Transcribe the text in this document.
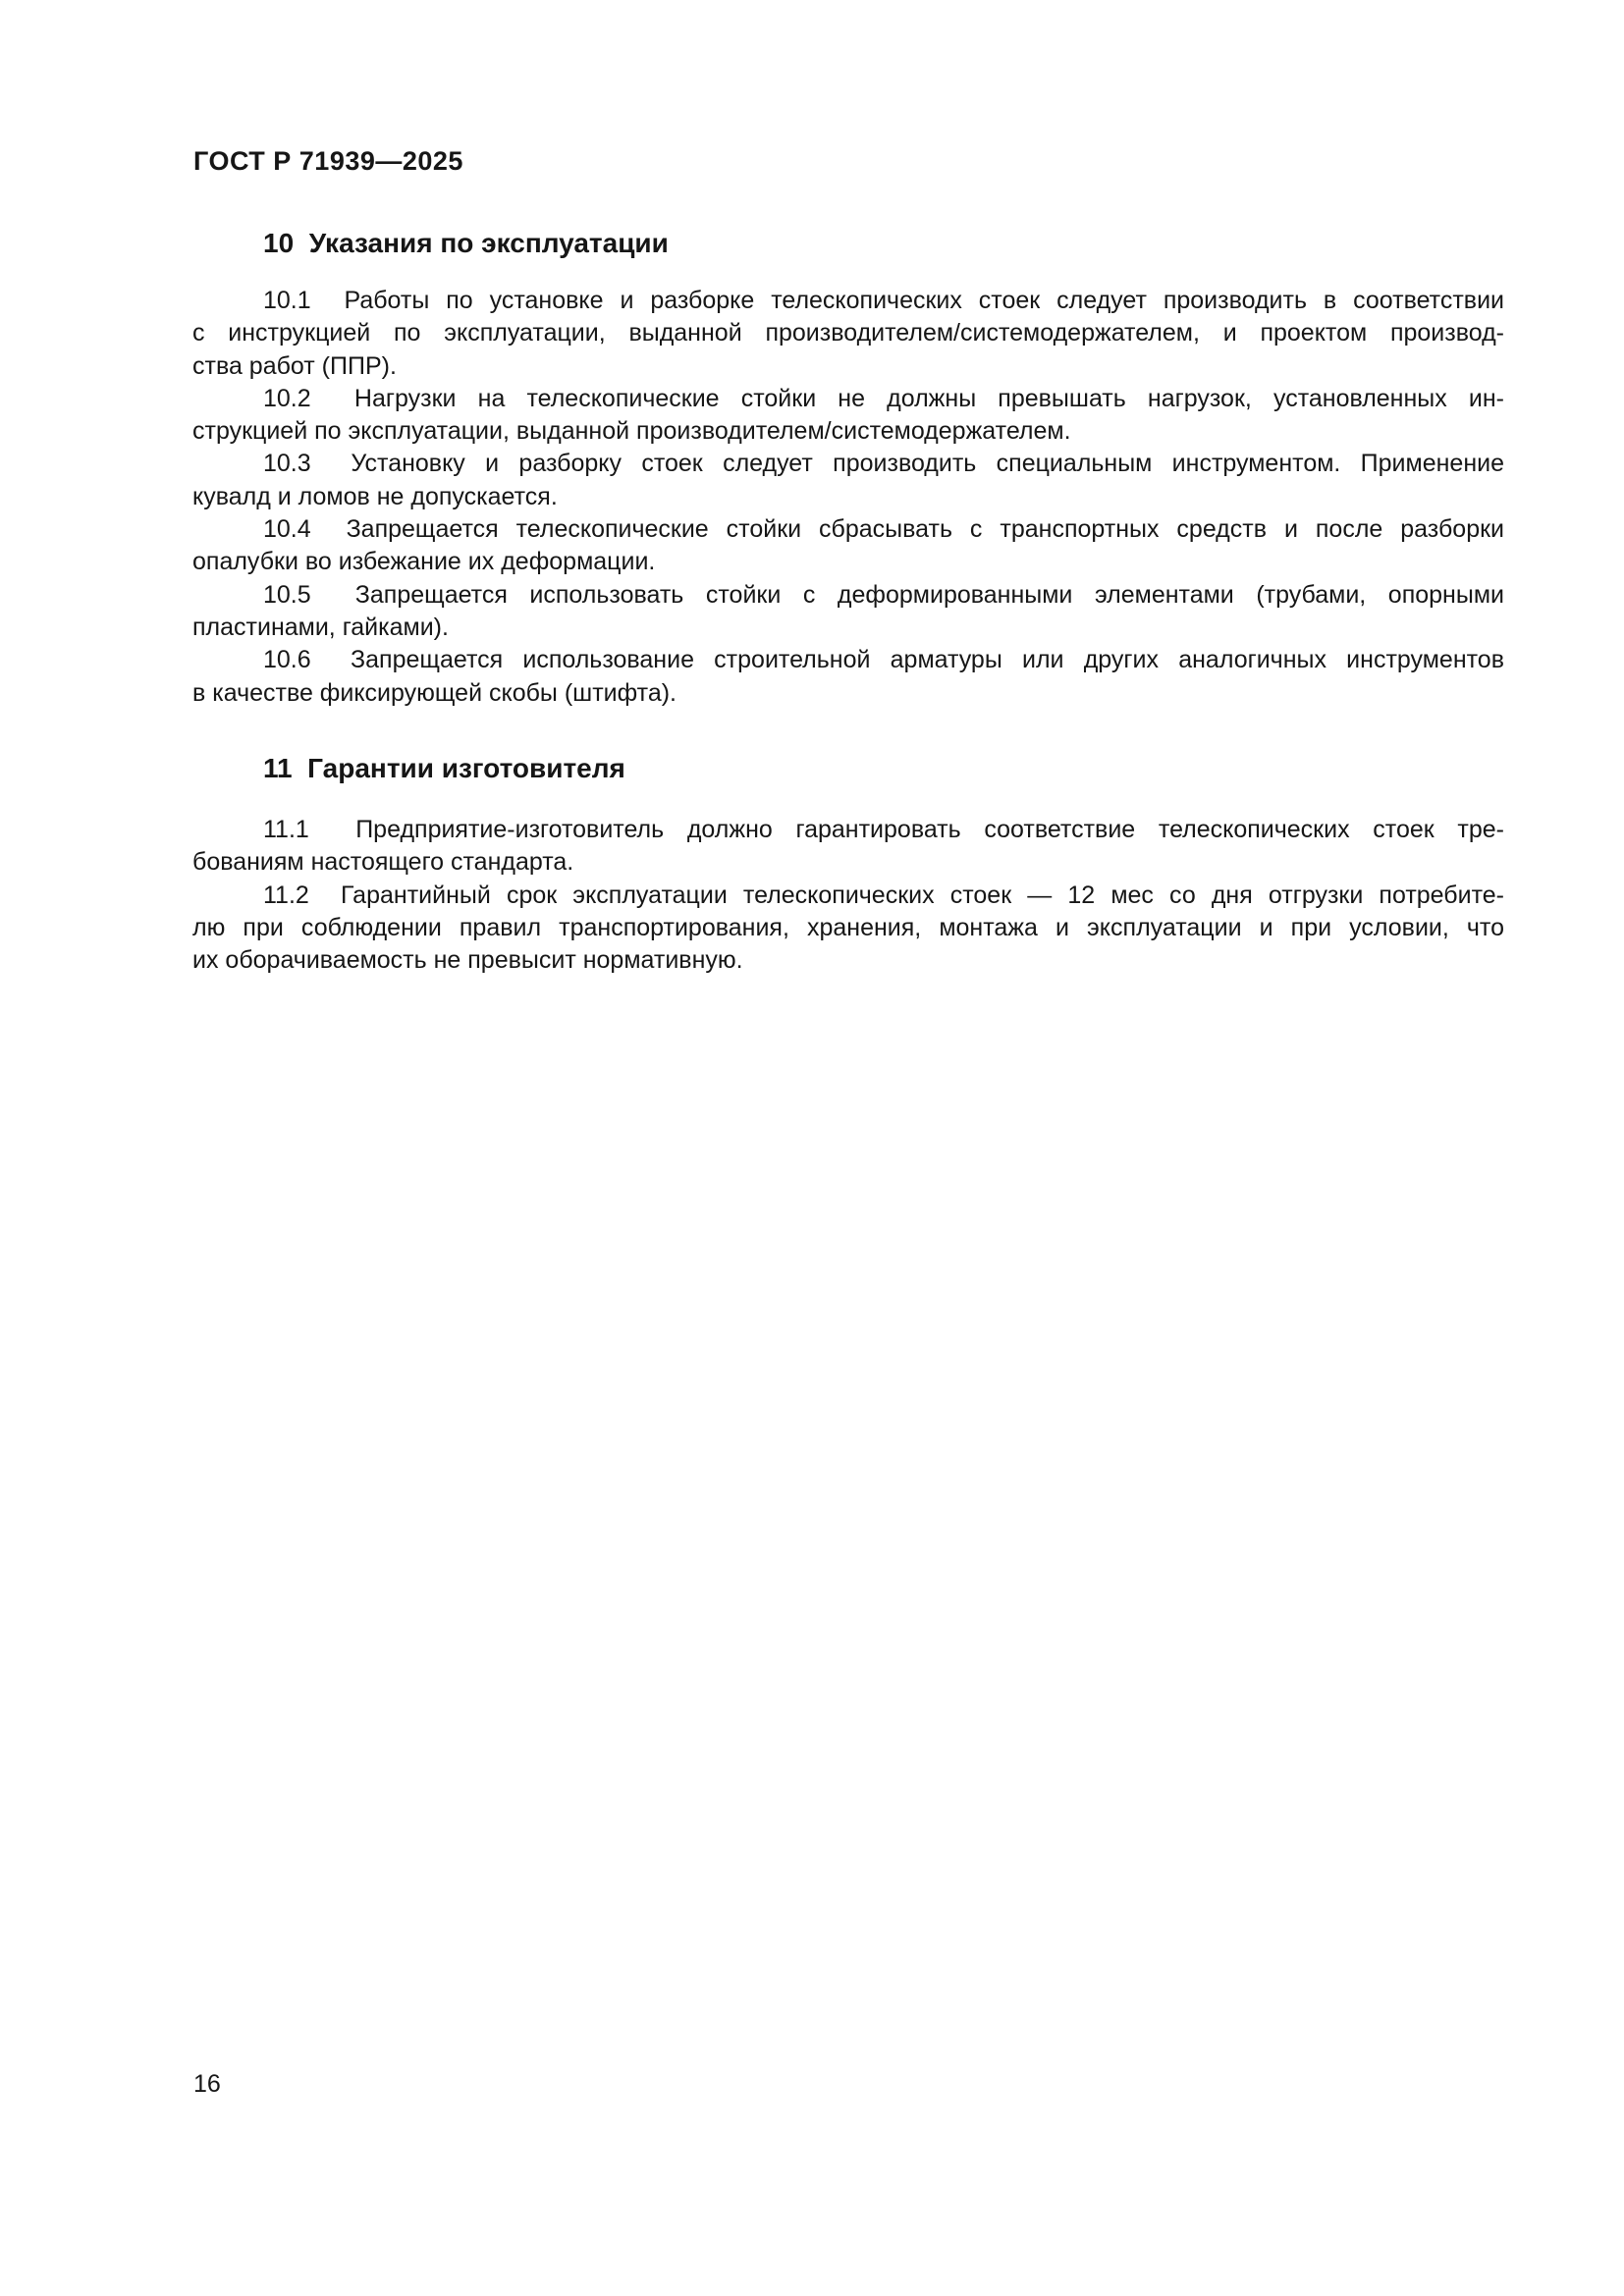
ГОСТ Р 71939—2025
10  Указания по эксплуатации
10.1  Работы по установке и разборке телескопических стоек следует производить в соответствии
с инструкцией по эксплуатации, выданной производителем/системодержателем, и проектом производ-
ства работ (ППР).
10.2  Нагрузки на телескопические стойки не должны превышать нагрузок, установленных ин-
струкцией по эксплуатации, выданной производителем/системодержателем.
10.3  Установку и разборку стоек следует производить специальным инструментом. Применение
кувалд и ломов не допускается.
10.4  Запрещается телескопические стойки сбрасывать с транспортных средств и после разборки
опалубки во избежание их деформации.
10.5  Запрещается использовать стойки с деформированными элементами (трубами, опорными
пластинами, гайками).
10.6  Запрещается использование строительной арматуры или других аналогичных инструментов
в качестве фиксирующей скобы (штифта).
11  Гарантии изготовителя
11.1  Предприятие-изготовитель должно гарантировать соответствие телескопических стоек тре-
бованиям настоящего стандарта.
11.2  Гарантийный срок эксплуатации телескопических стоек — 12 мес со дня отгрузки потребите-
лю при соблюдении правил транспортирования, хранения, монтажа и эксплуатации и при условии, что
их оборачиваемость не превысит нормативную.
16
